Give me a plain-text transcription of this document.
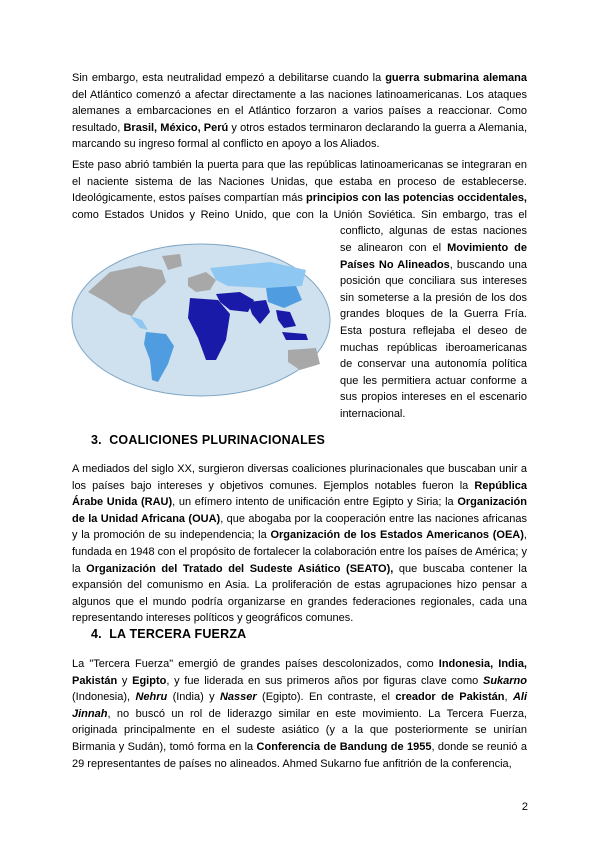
Sin embargo, esta neutralidad empezó a debilitarse cuando la guerra submarina alemana del Atlántico comenzó a afectar directamente a las naciones latinoamericanas. Los ataques alemanes a embarcaciones en el Atlántico forzaron a varios países a reaccionar. Como resultado, Brasil, México, Perú y otros estados terminaron declarando la guerra a Alemania, marcando su ingreso formal al conflicto en apoyo a los Aliados.

Este paso abrió también la puerta para que las repúblicas latinoamericanas se integraran en el naciente sistema de las Naciones Unidas, que estaba en proceso de establecerse. Ideológicamente, estos países compartían más principios con las potencias occidentales, como Estados Unidos y Reino Unido, que con la Unión Soviética. Sin embargo, tras el conflicto, algunas de estas naciones se alinearon con el Movimiento de Países No Alineados, buscando una posición que conciliara sus intereses sin someterse a la presión de los dos grandes bloques de la Guerra Fría. Esta postura reflejaba el deseo de muchas repúblicas iberoamericanas de conservar una autonomía política que les permitiera actuar conforme a sus propios intereses en el escenario internacional.

3. COALICIONES PLURINACIONALES

A mediados del siglo XX, surgieron diversas coaliciones plurinacionales que buscaban unir a los países bajo intereses y objetivos comunes. Ejemplos notables fueron la República Árabe Unida (RAU), un efímero intento de unificación entre Egipto y Siria; la Organización de la Unidad Africana (OUA), que abogaba por la cooperación entre las naciones africanas y la promoción de su independencia; la Organización de los Estados Americanos (OEA), fundada en 1948 con el propósito de fortalecer la colaboración entre los países de América; y la Organización del Tratado del Sudeste Asiático (SEATO), que buscaba contener la expansión del comunismo en Asia. La proliferación de estas agrupaciones hizo pensar a algunos que el mundo podría organizarse en grandes federaciones regionales, cada una representando intereses políticos y geográficos comunes.

4. LA TERCERA FUERZA

La "Tercera Fuerza" emergió de grandes países descolonizados, como Indonesia, India, Pakistán y Egipto, y fue liderada en sus primeros años por figuras clave como Sukarno (Indonesia), Nehru (India) y Nasser (Egipto). En contraste, el creador de Pakistán, Ali Jinnah, no buscó un rol de liderazgo similar en este movimiento. La Tercera Fuerza, originada principalmente en el sudeste asiático (y a la que posteriormente se unirían Birmania y Sudán), tomó forma en la Conferencia de Bandung de 1955, donde se reunió a 29 representantes de países no alineados. Ahmed Sukarno fue anfitrión de la conferencia,

2
